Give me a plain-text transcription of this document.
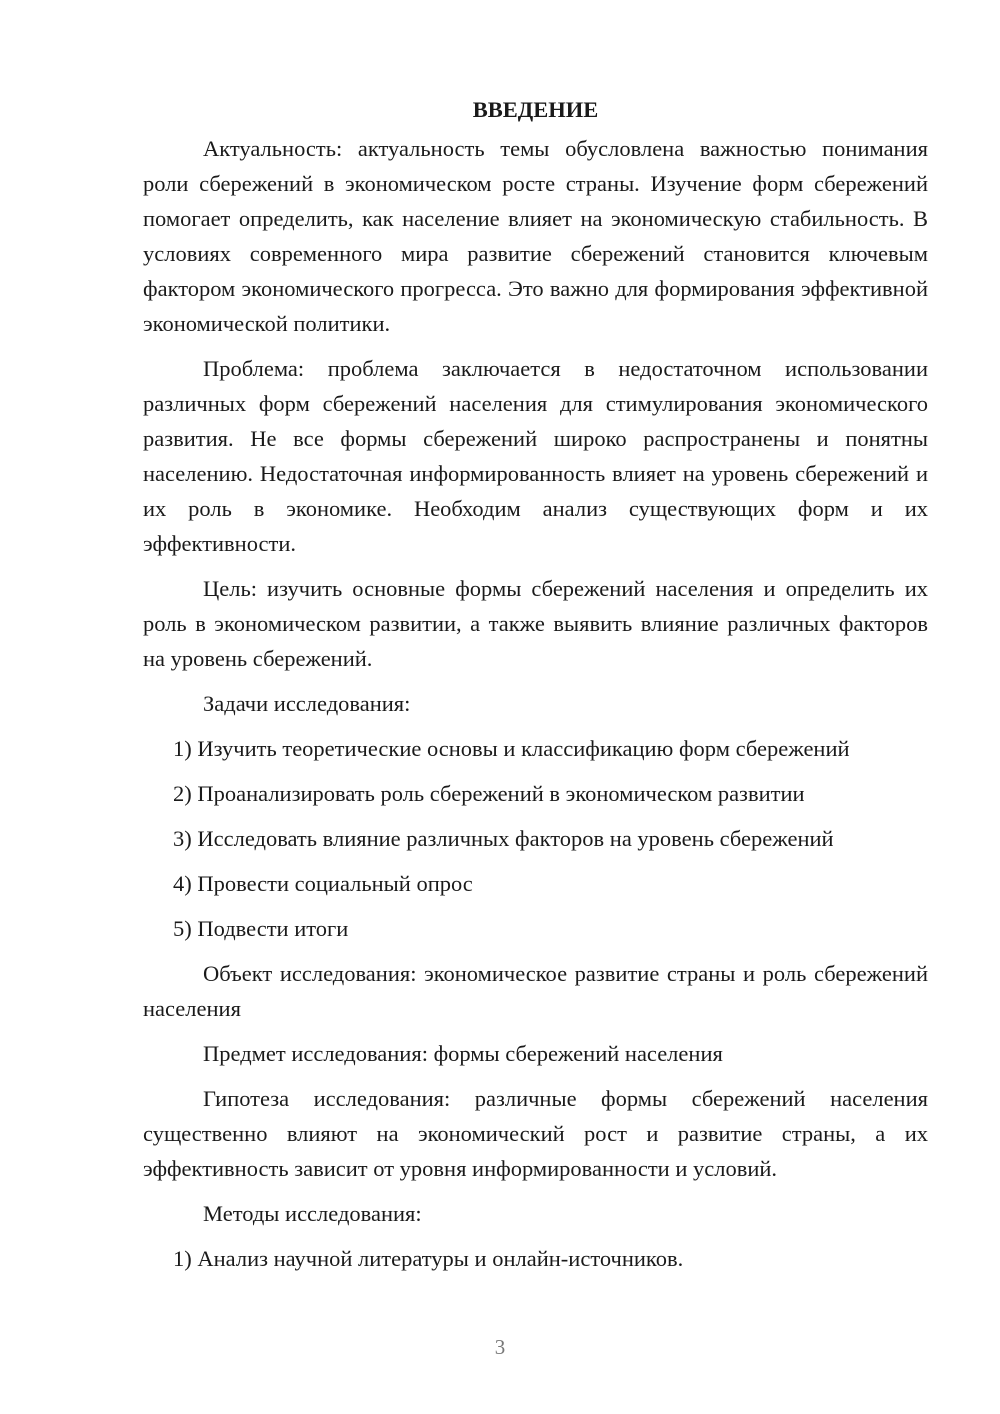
ВВЕДЕНИЕ

Актуальность: актуальность темы обусловлена важностью понимания роли сбережений в экономическом росте страны. Изучение форм сбережений помогает определить, как население влияет на экономическую стабильность. В условиях современного мира развитие сбережений становится ключевым фактором экономического прогресса. Это важно для формирования эффективной экономической политики.

Проблема: проблема заключается в недостаточном использовании различных форм сбережений населения для стимулирования экономического развития. Не все формы сбережений широко распространены и понятны населению. Недостаточная информированность влияет на уровень сбережений и их роль в экономике. Необходим анализ существующих форм и их эффективности.

Цель: изучить основные формы сбережений населения и определить их роль в экономическом развитии, а также выявить влияние различных факторов на уровень сбережений.

Задачи исследования:

1) Изучить теоретические основы и классификацию форм сбережений

2) Проанализировать роль сбережений в экономическом развитии

3) Исследовать влияние различных факторов на уровень сбережений

4) Провести социальный опрос

5) Подвести итоги

Объект исследования: экономическое развитие страны и роль сбережений населения

Предмет исследования: формы сбережений населения

Гипотеза исследования: различные формы сбережений населения существенно влияют на экономический рост и развитие страны, а их эффективность зависит от уровня информированности и условий.

Методы исследования:

1) Анализ научной литературы и онлайн-источников.

3
